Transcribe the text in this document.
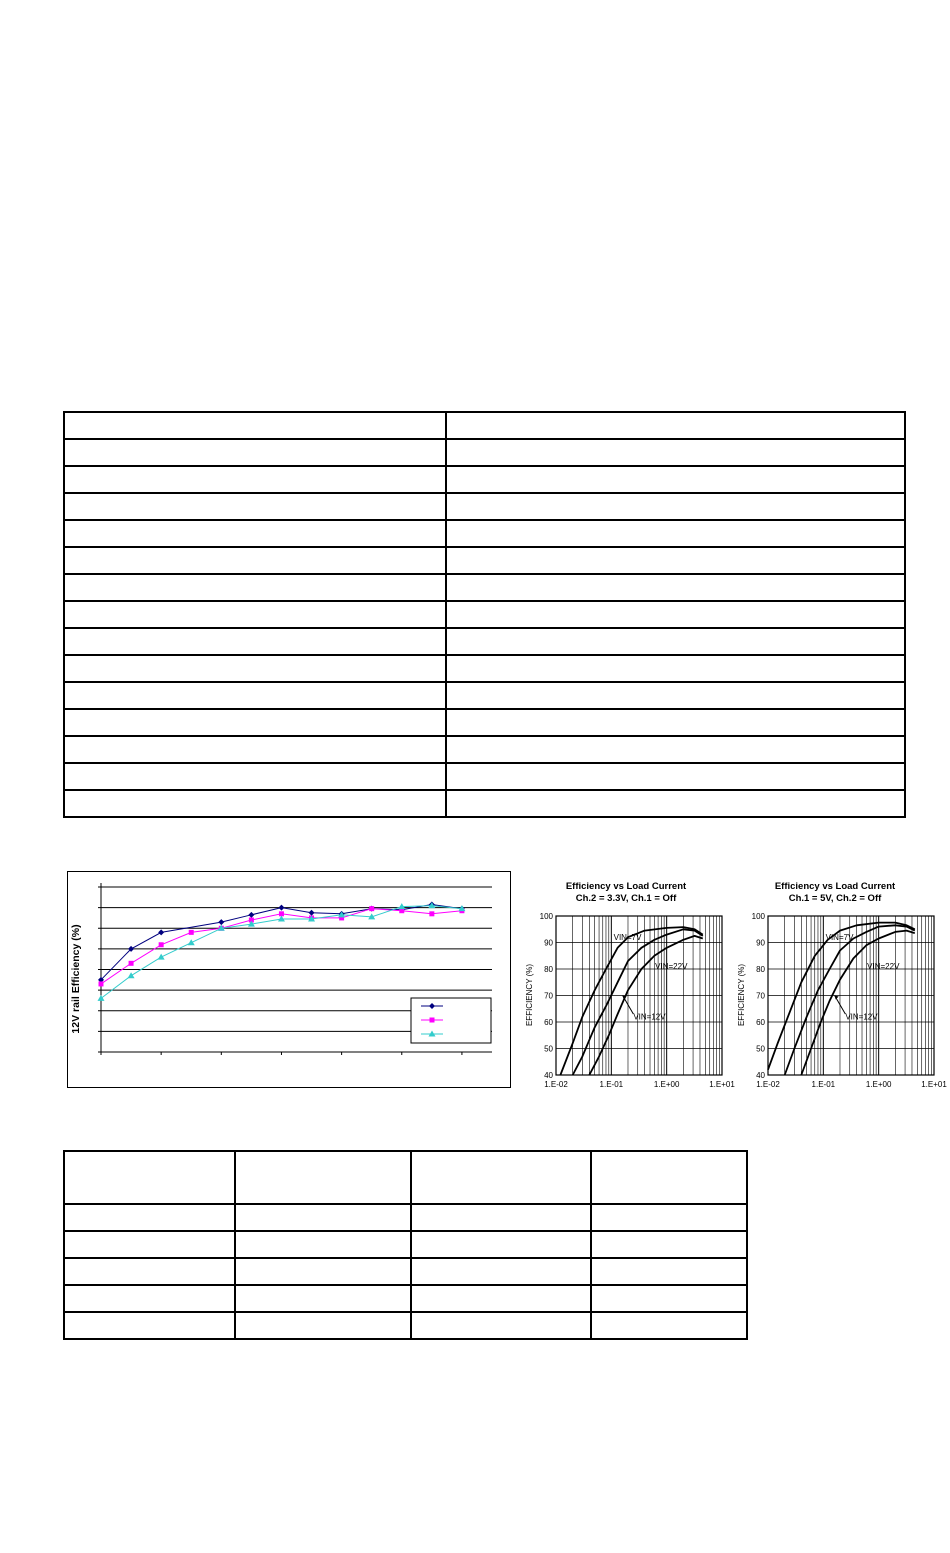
12V rail Efficiency (%)
Efficiency vs Load Current
Ch.2 = 3.3V, Ch.1 = Off
EFFICIENCY (%)
40
50
60
70
80
90
100
1.E-02	1.E-01	1.E+00	1.E+01
VIN=7V
VIN=22V
VIN=12V
Efficiency vs Load Current
Ch.1 = 5V, Ch.2 = Off
EFFICIENCY (%)
40
50
60
70
80
90
100
1.E-02	1.E-01	1.E+00	1.E+01
VIN=7V
VIN=22V
VIN=12V
